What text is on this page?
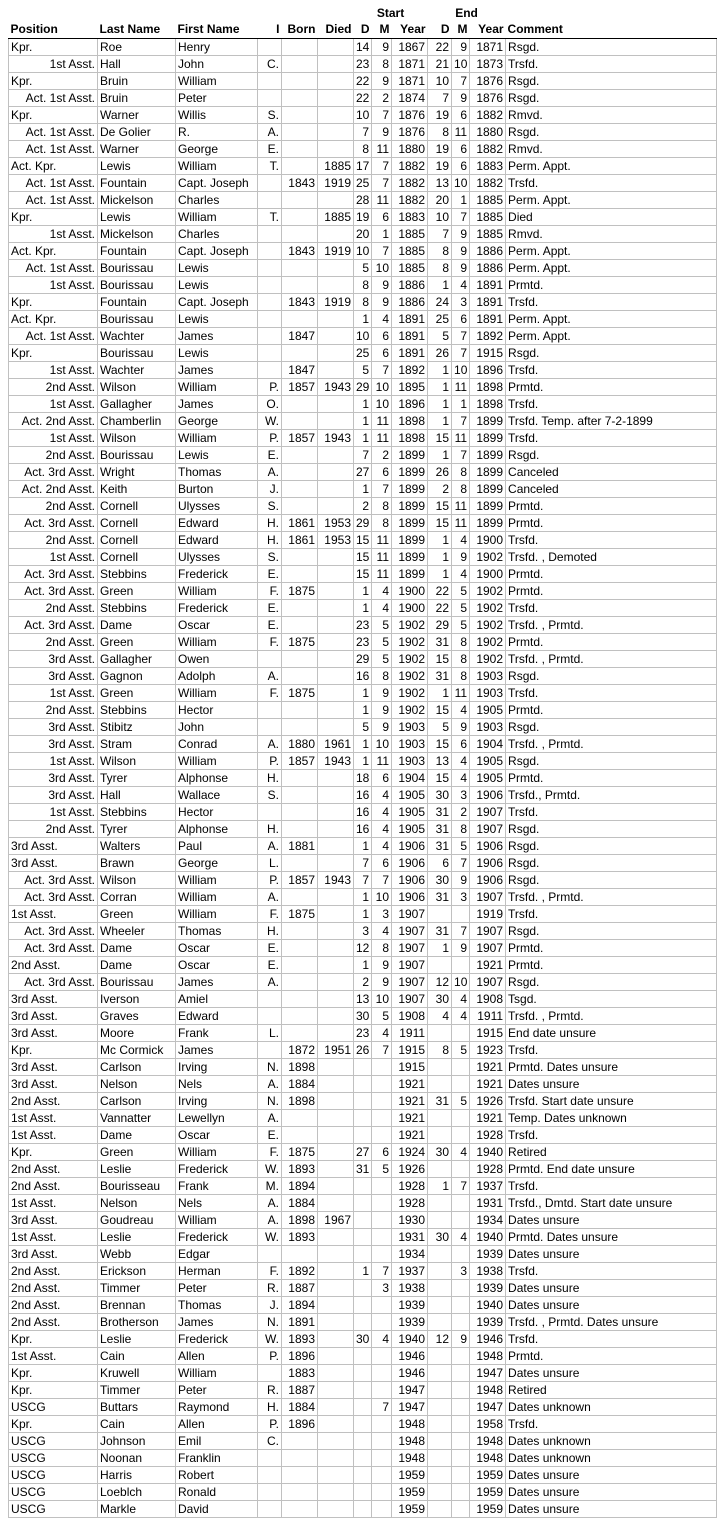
						Start			End			
Position	Last Name	First Name	I	Born	Died	D	M	Year	D	M	Year	Comment
Kpr.	Roe	Henry				14	9	1867	22	9	1871	Rsgd.
1st Asst.	Hall	John	C.			23	8	1871	21	10	1873	Trsfd.
Kpr.	Bruin	William				22	9	1871	10	7	1876	Rsgd.
Act. 1st Asst.	Bruin	Peter				22	2	1874	7	9	1876	Rsgd.
Kpr.	Warner	Willis	S.			10	7	1876	19	6	1882	Rmvd.
Act. 1st Asst.	De Golier	R.	A.			7	9	1876	8	11	1880	Rsgd.
Act. 1st Asst.	Warner	George	E.			8	11	1880	19	6	1882	Rmvd.
Act. Kpr.	Lewis	William	T.		1885	17	7	1882	19	6	1883	Perm. Appt.
Act. 1st Asst.	Fountain	Capt. Joseph		1843	1919	25	7	1882	13	10	1882	Trsfd.
Act. 1st Asst.	Mickelson	Charles				28	11	1882	20	1	1885	Perm. Appt.
Kpr.	Lewis	William	T.		1885	19	6	1883	10	7	1885	Died
1st Asst.	Mickelson	Charles				20	1	1885	7	9	1885	Rmvd.
Act. Kpr.	Fountain	Capt. Joseph		1843	1919	10	7	1885	8	9	1886	Perm. Appt.
Act. 1st Asst.	Bourissau	Lewis				5	10	1885	8	9	1886	Perm. Appt.
1st Asst.	Bourissau	Lewis				8	9	1886	1	4	1891	Prmtd.
Kpr.	Fountain	Capt. Joseph		1843	1919	8	9	1886	24	3	1891	Trsfd.
Act. Kpr.	Bourissau	Lewis				1	4	1891	25	6	1891	Perm. Appt.
Act. 1st Asst.	Wachter	James		1847		10	6	1891	5	7	1892	Perm. Appt.
Kpr.	Bourissau	Lewis				25	6	1891	26	7	1915	Rsgd.
1st Asst.	Wachter	James		1847		5	7	1892	1	10	1896	Trsfd.
2nd Asst.	Wilson	William	P.	1857	1943	29	10	1895	1	11	1898	Prmtd.
1st Asst.	Gallagher	James	O.			1	10	1896	1	1	1898	Trsfd.
Act. 2nd Asst.	Chamberlin	George	W.			1	11	1898	1	7	1899	Trsfd. Temp. after 7-2-1899
1st Asst.	Wilson	William	P.	1857	1943	1	11	1898	15	11	1899	Trsfd.
2nd Asst.	Bourissau	Lewis	E.			7	2	1899	1	7	1899	Rsgd.
Act. 3rd Asst.	Wright	Thomas	A.			27	6	1899	26	8	1899	Canceled
Act. 2nd Asst.	Keith	Burton	J.			1	7	1899	2	8	1899	Canceled
2nd Asst.	Cornell	Ulysses	S.			2	8	1899	15	11	1899	Prmtd.
Act. 3rd Asst.	Cornell	Edward	H.	1861	1953	29	8	1899	15	11	1899	Prmtd.
2nd Asst.	Cornell	Edward	H.	1861	1953	15	11	1899	1	4	1900	Trsfd.
1st Asst.	Cornell	Ulysses	S.			15	11	1899	1	9	1902	Trsfd. , Demoted
Act. 3rd Asst.	Stebbins	Frederick	E.			15	11	1899	1	4	1900	Prmtd.
Act. 3rd Asst.	Green	William	F.	1875		1	4	1900	22	5	1902	Prmtd.
2nd Asst.	Stebbins	Frederick	E.			1	4	1900	22	5	1902	Trsfd.
Act. 3rd Asst.	Dame	Oscar	E.			23	5	1902	29	5	1902	Trsfd. , Prmtd.
2nd Asst.	Green	William	F.	1875		23	5	1902	31	8	1902	Prmtd.
3rd Asst.	Gallagher	Owen				29	5	1902	15	8	1902	Trsfd. , Prmtd.
3rd Asst.	Gagnon	Adolph	A.			16	8	1902	31	8	1903	Rsgd.
1st Asst.	Green	William	F.	1875		1	9	1902	1	11	1903	Trsfd.
2nd Asst.	Stebbins	Hector				1	9	1902	15	4	1905	Prmtd.
3rd Asst.	Stibitz	John				5	9	1903	5	9	1903	Rsgd.
3rd Asst.	Stram	Conrad	A.	1880	1961	1	10	1903	15	6	1904	Trsfd. , Prmtd.
1st Asst.	Wilson	William	P.	1857	1943	1	11	1903	13	4	1905	Rsgd.
3rd Asst.	Tyrer	Alphonse	H.			18	6	1904	15	4	1905	Prmtd.
3rd Asst.	Hall	Wallace	S.			16	4	1905	30	3	1906	Trsfd., Prmtd.
1st Asst.	Stebbins	Hector				16	4	1905	31	2	1907	Trsfd.
2nd Asst.	Tyrer	Alphonse	H.			16	4	1905	31	8	1907	Rsgd.
3rd Asst.	Walters	Paul	A.	1881		1	4	1906	31	5	1906	Rsgd.
3rd Asst.	Brawn	George	L.			7	6	1906	6	7	1906	Rsgd.
Act. 3rd Asst.	Wilson	William	P.	1857	1943	7	7	1906	30	9	1906	Rsgd.
Act. 3rd Asst.	Corran	William	A.			1	10	1906	31	3	1907	Trsfd. , Prmtd.
1st Asst.	Green	William	F.	1875		1	3	1907			1919	Trsfd.
Act. 3rd Asst.	Wheeler	Thomas	H.			3	4	1907	31	7	1907	Rsgd.
Act. 3rd Asst.	Dame	Oscar	E.			12	8	1907	1	9	1907	Prmtd.
2nd Asst.	Dame	Oscar	E.			1	9	1907			1921	Prmtd.
Act. 3rd Asst.	Bourissau	James	A.			2	9	1907	12	10	1907	Rsgd.
3rd Asst.	Iverson	Amiel				13	10	1907	30	4	1908	Tsgd.
3rd Asst.	Graves	Edward				30	5	1908	4	4	1911	Trsfd. , Prmtd.
3rd Asst.	Moore	Frank	L.			23	4	1911			1915	End date unsure
Kpr.	Mc Cormick	James		1872	1951	26	7	1915	8	5	1923	Trsfd.
3rd Asst.	Carlson	Irving	N.	1898				1915			1921	Prmtd. Dates unsure
3rd Asst.	Nelson	Nels	A.	1884				1921			1921	Dates unsure
2nd Asst.	Carlson	Irving	N.	1898				1921	31	5	1926	Trsfd. Start date unsure
1st Asst.	Vannatter	Lewellyn	A.					1921			1921	Temp. Dates unknown
1st Asst.	Dame	Oscar	E.					1921			1928	Trsfd.
Kpr.	Green	William	F.	1875		27	6	1924	30	4	1940	Retired
2nd Asst.	Leslie	Frederick	W.	1893		31	5	1926			1928	Prmtd. End date unsure
2nd Asst.	Bourisseau	Frank	M.	1894				1928	1	7	1937	Trsfd.
1st Asst.	Nelson	Nels	A.	1884				1928			1931	Trsfd., Dmtd. Start date unsure
3rd Asst.	Goudreau	William	A.	1898	1967			1930			1934	Dates unsure
1st Asst.	Leslie	Frederick	W.	1893				1931	30	4	1940	Prmtd. Dates unsure
3rd Asst.	Webb	Edgar						1934			1939	Dates unsure
2nd Asst.	Erickson	Herman	F.	1892		1	7	1937		3	1938	Trsfd.
2nd Asst.	Timmer	Peter	R.	1887			3	1938			1939	Dates unsure
2nd Asst.	Brennan	Thomas	J.	1894				1939			1940	Dates unsure
2nd Asst.	Brotherson	James	N.	1891				1939			1939	Trsfd. , Prmtd. Dates unsure
Kpr.	Leslie	Frederick	W.	1893		30	4	1940	12	9	1946	Trsfd.
1st Asst.	Cain	Allen	P.	1896				1946			1948	Prmtd.
Kpr.	Kruwell	William		1883				1946			1947	Dates unsure
Kpr.	Timmer	Peter	R.	1887				1947			1948	Retired
USCG	Buttars	Raymond	H.	1884			7	1947			1947	Dates unknown
Kpr.	Cain	Allen	P.	1896				1948			1958	Trsfd.
USCG	Johnson	Emil	C.					1948			1948	Dates unknown
USCG	Noonan	Franklin						1948			1948	Dates unknown
USCG	Harris	Robert						1959			1959	Dates unsure
USCG	Loeblch	Ronald						1959			1959	Dates unsure
USCG	Markle	David						1959			1959	Dates unsure
